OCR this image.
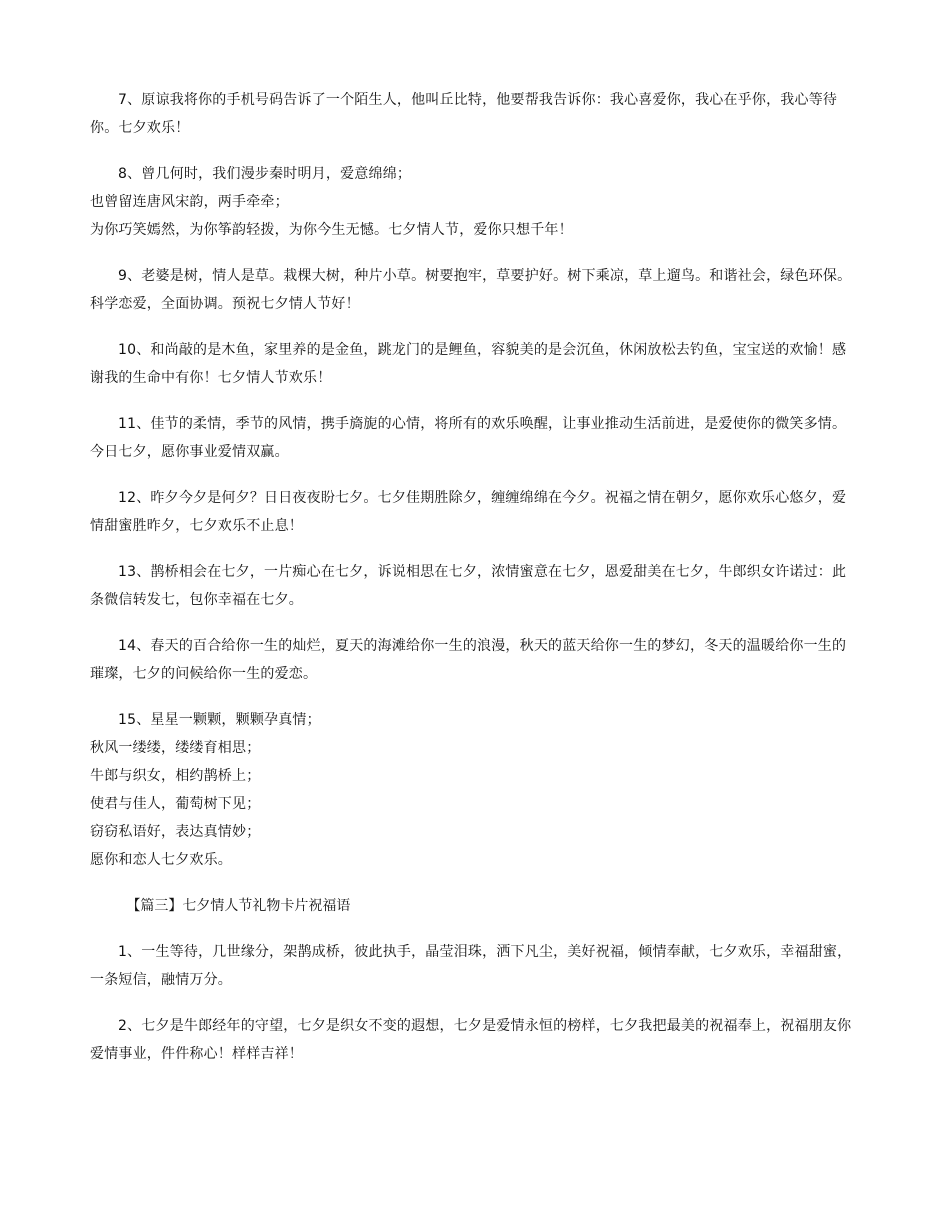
7、原谅我将你的手机号码告诉了一个陌生人，他叫丘比特，他要帮我告诉你：我心喜爱你，我心在乎你，我心等待你。七夕欢乐！

8、曾几何时，我们漫步秦时明月，爱意绵绵；
也曾留连唐风宋韵，两手牵牵；
为你巧笑嫣然，为你筝韵轻拨，为你今生无憾。七夕情人节，爱你只想千年！

9、老婆是树，情人是草。栽棵大树，种片小草。树要抱牢，草要护好。树下乘凉，草上遛鸟。和谐社会，绿色环保。科学恋爱，全面协调。预祝七夕情人节好！

10、和尚敲的是木鱼，家里养的是金鱼，跳龙门的是鲤鱼，容貌美的是会沉鱼，休闲放松去钓鱼，宝宝送的欢愉！感谢我的生命中有你！七夕情人节欢乐！

11、佳节的柔情，季节的风情，携手旖旎的心情，将所有的欢乐唤醒，让事业推动生活前进，是爱使你的微笑多情。今日七夕，愿你事业爱情双赢。

12、昨夕今夕是何夕？日日夜夜盼七夕。七夕佳期胜除夕，缠缠绵绵在今夕。祝福之情在朝夕，愿你欢乐心悠夕，爱情甜蜜胜昨夕，七夕欢乐不止息！

13、鹊桥相会在七夕，一片痴心在七夕，诉说相思在七夕，浓情蜜意在七夕，恩爱甜美在七夕，牛郎织女许诺过：此条微信转发七，包你幸福在七夕。

14、春天的百合给你一生的灿烂，夏天的海滩给你一生的浪漫，秋天的蓝天给你一生的梦幻，冬天的温暖给你一生的璀璨，七夕的问候给你一生的爱恋。

15、星星一颗颗，颗颗孕真情；
秋风一缕缕，缕缕育相思；
牛郎与织女，相约鹊桥上；
使君与佳人，葡萄树下见；
窃窃私语好，表达真情妙；
愿你和恋人七夕欢乐。

【篇三】七夕情人节礼物卡片祝福语

1、一生等待，几世缘分，架鹊成桥，彼此执手，晶莹泪珠，洒下凡尘，美好祝福，倾情奉献，七夕欢乐，幸福甜蜜，一条短信，融情万分。

2、七夕是牛郎经年的守望，七夕是织女不变的遐想，七夕是爱情永恒的榜样，七夕我把最美的祝福奉上，祝福朋友你爱情事业，件件称心！样样吉祥！
